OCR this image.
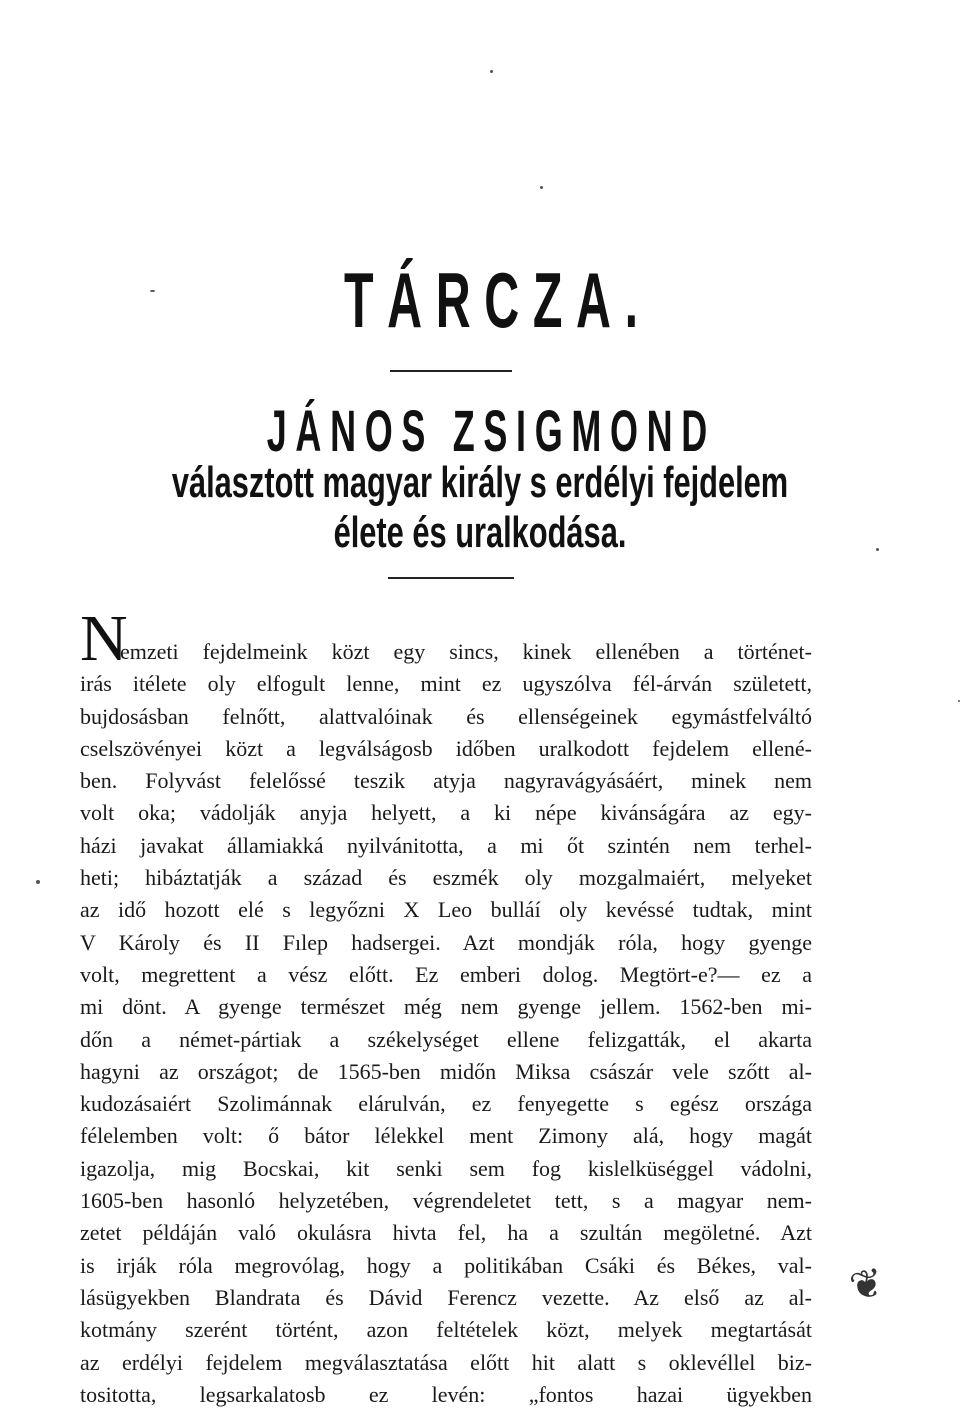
TÁRCZA.
JÁNOS ZSIGMOND
választott magyar király s erdélyi fejdelem
élete és uralkodása.
N
emzeti fejdelmeink közt egy sincs, kinek ellenében a történet-
irás itélete oly elfogult lenne, mint ez ugyszólva fél-árván született,
bujdosásban felnőtt, alattvalóinak és ellenségeinek egymástfelváltó
cselszövényei közt a legválságosb időben uralkodott fejdelem ellené-
ben. Folyvást felelőssé teszik atyja nagyravágyásáért, minek nem
volt oka; vádolják anyja helyett, a ki népe kivánságára az egy-
házi javakat államiakká nyilvánitotta, a mi őt szintén nem terhel-
heti; hibáztatják a század és eszmék oly mozgalmaiért, melyeket
az idő hozott elé s legyőzni X Leo bulláí oly kevéssé tudtak, mint
V Károly és II Fılep hadsergei. Azt mondják róla, hogy gyenge
volt, megrettent a vész előtt. Ez emberi dolog. Megtört-e?— ez a
mi dönt. A gyenge természet még nem gyenge jellem. 1562-ben mi-
dőn a német-pártiak a székelységet ellene felizgatták, el akarta
hagyni az országot; de 1565-ben midőn Miksa császár vele szőtt al-
kudozásaiért Szolimánnak elárulván, ez fenyegette s egész országa
félelemben volt: ő bátor lélekkel ment Zimony alá, hogy magát
igazolja, mig Bocskai, kit senki sem fog kislelküséggel vádolni,
1605-ben hasonló helyzetében, végrendeletet tett, s a magyar nem-
zetet példáján való okulásra hivta fel, ha a szultán megöletné. Azt
is irják róla megrovólag, hogy a politikában Csáki és Békes, val-
lásügyekben Blandrata és Dávid Ferencz vezette. Az első az al-
kotmány szerént történt, azon feltételek közt, melyek megtartását
az erdélyi fejdelem megválasztatása előtt hit alatt s oklevéllel biz-
tositotta, legsarkalatosb ez levén: „fontos hazai ügyekben
❦
